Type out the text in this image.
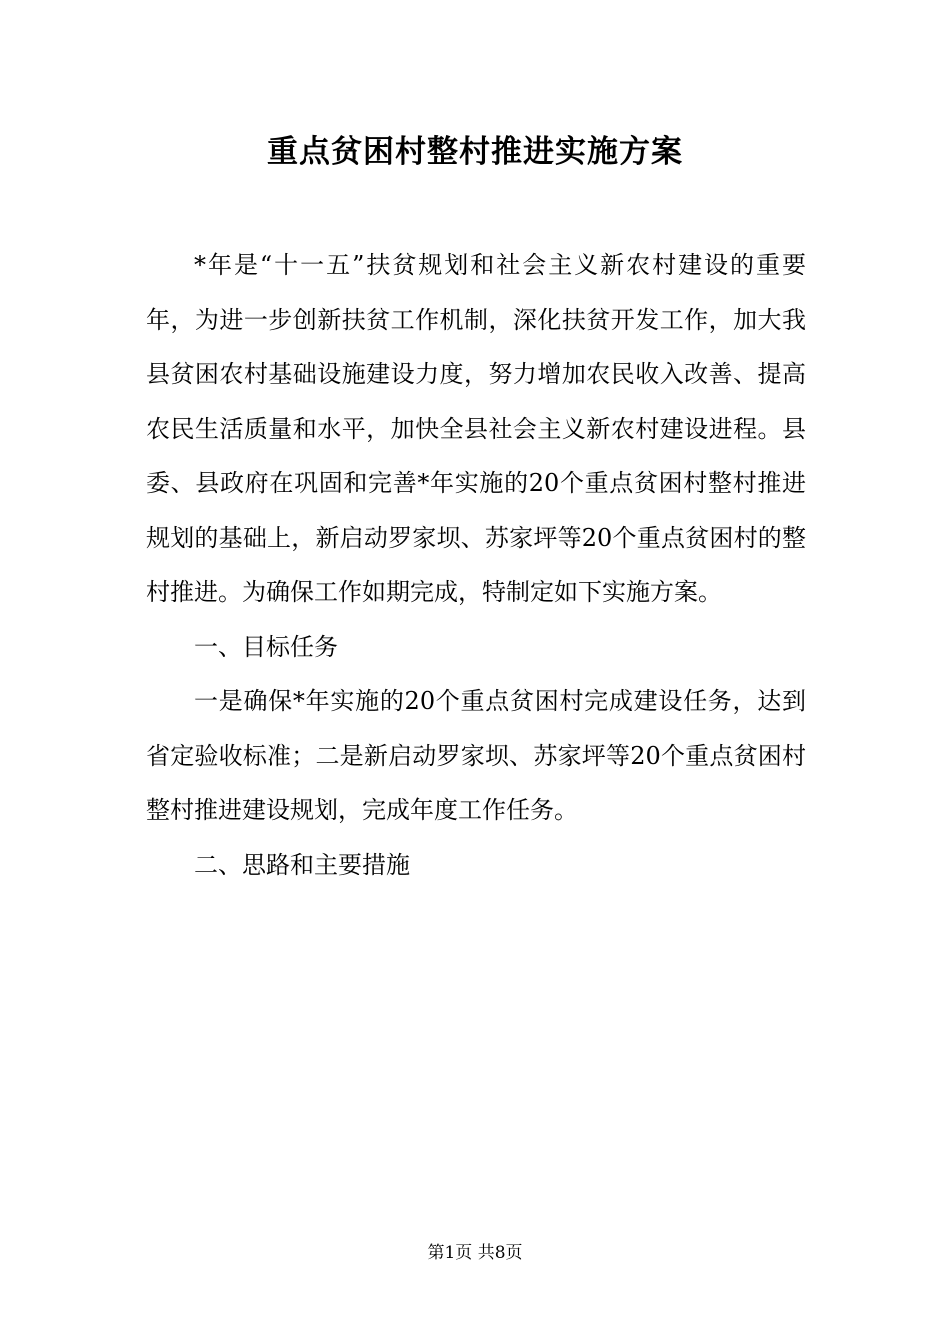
重点贫困村整村推进实施方案

*年是“十一五”扶贫规划和社会主义新农村建设的重要年，为进一步创新扶贫工作机制，深化扶贫开发工作，加大我县贫困农村基础设施建设力度，努力增加农民收入改善、提高农民生活质量和水平，加快全县社会主义新农村建设进程。县委、县政府在巩固和完善*年实施的20个重点贫困村整村推进规划的基础上，新启动罗家坝、苏家坪等20个重点贫困村的整村推进。为确保工作如期完成，特制定如下实施方案。

一、目标任务

一是确保*年实施的20个重点贫困村完成建设任务，达到省定验收标准；二是新启动罗家坝、苏家坪等20个重点贫困村整村推进建设规划，完成年度工作任务。

二、思路和主要措施

第1页 共8页
